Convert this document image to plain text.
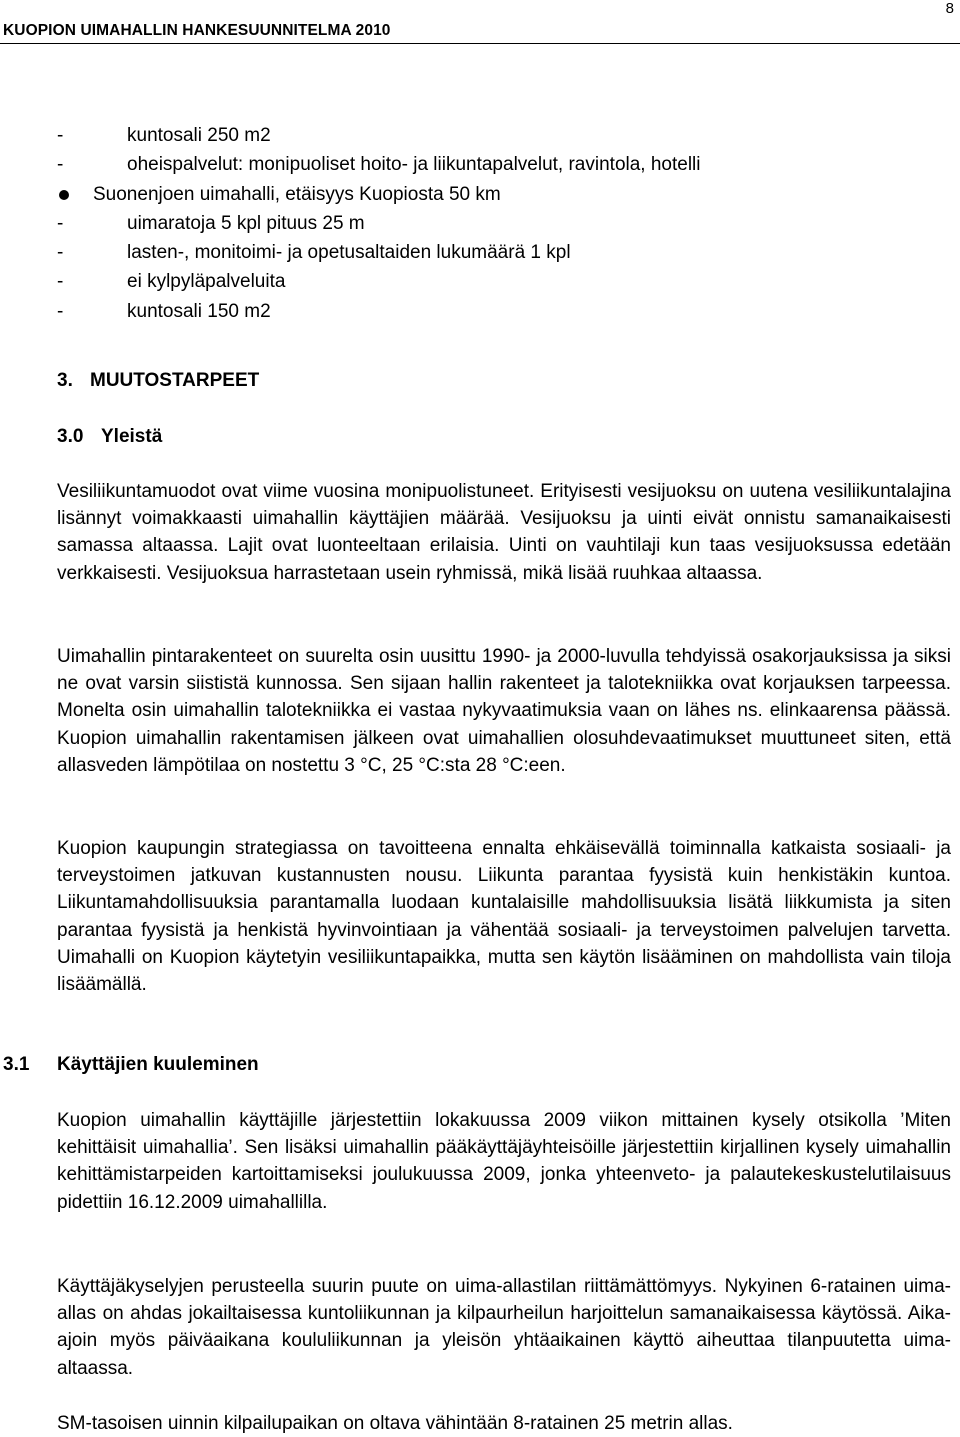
KUOPION UIMAHALLIN HANKESUUNNITELMA 2010
8
-	kuntosali 250 m2
-	oheispalvelut: monipuoliset hoito- ja liikuntapalvelut, ravintola, hotelli
Suonenjoen uimahalli, etäisyys Kuopiosta 50 km
-	uimaratoja 5 kpl pituus 25 m
-	lasten-, monitoimi- ja opetusaltaiden lukumäärä 1 kpl
-	ei kylpyläpalveluita
-	kuntosali 150 m2
3. MUUTOSTARPEET
3.0 Yleistä

Vesiliikuntamuodot ovat viime vuosina monipuolistuneet. Erityisesti vesijuoksu on uutena vesiliikuntalajina lisännyt voimakkaasti uimahallin käyttäjien määrää. Vesijuoksu ja uinti eivät onnistu samanaikaisesti samassa altaassa. Lajit ovat luonteeltaan erilaisia. Uinti on vauhtilaji kun taas vesijuoksussa edetään verkkaisesti. Vesijuoksua harrastetaan usein ryhmissä, mikä lisää ruuhkaa altaassa.

Uimahallin pintarakenteet on suurelta osin uusittu 1990- ja 2000-luvulla tehdyissä osakorjauksissa ja siksi ne ovat varsin siististä kunnossa. Sen sijaan hallin rakenteet ja talotekniikka ovat korjauksen tarpeessa. Monelta osin uimahallin talotekniikka ei vastaa nykyvaatimuksia vaan on lähes ns. elinkaarensa päässä. Kuopion uimahallin rakentamisen jälkeen ovat uimahallien olosuhdevaatimukset muuttuneet siten, että allasveden lämpötilaa on nostettu 3 °C, 25 °C:sta 28 °C:een.

Kuopion kaupungin strategiassa on tavoitteena ennalta ehkäisevällä toiminnalla katkaista sosiaali- ja terveystoimen jatkuvan kustannusten nousu. Liikunta parantaa fyysistä kuin henkistäkin kuntoa. Liikuntamahdollisuuksia parantamalla luodaan kuntalaisille mahdollisuuksia lisätä liikkumista ja siten parantaa fyysistä ja henkistä hyvinvointiaan ja vähentää sosiaali- ja terveystoimen palvelujen tarvetta. Uimahalli on Kuopion käytetyin vesiliikuntapaikka, mutta sen käytön lisääminen on mahdollista vain tiloja lisäämällä.

3.1 Käyttäjien kuuleminen

Kuopion uimahallin käyttäjille järjestettiin lokakuussa 2009 viikon mittainen kysely otsikolla ’Miten kehittäisit uimahallia’. Sen lisäksi uimahallin pääkäyttäjäyhteisöille järjestettiin kirjallinen kysely uimahallin kehittämistarpeiden kartoittamiseksi joulukuussa 2009, jonka yhteenveto- ja palautekeskustelutilaisuus pidettiin 16.12.2009 uimahallilla.

Käyttäjäkyselyjen perusteella suurin puute on uima-allastilan riittämättömyys. Nykyinen 6-ratainen uima-allas on ahdas jokailtaisessa kuntoliikunnan ja kilpaurheilun harjoittelun samanaikaisessa käytössä. Aika-ajoin myös päiväaikana koululiikunnan ja yleisön yhtäaikainen käyttö aiheuttaa tilanpuutetta uima-altaassa.

SM-tasoisen uinnin kilpailupaikan on oltava vähintään 8-ratainen 25 metrin allas.
